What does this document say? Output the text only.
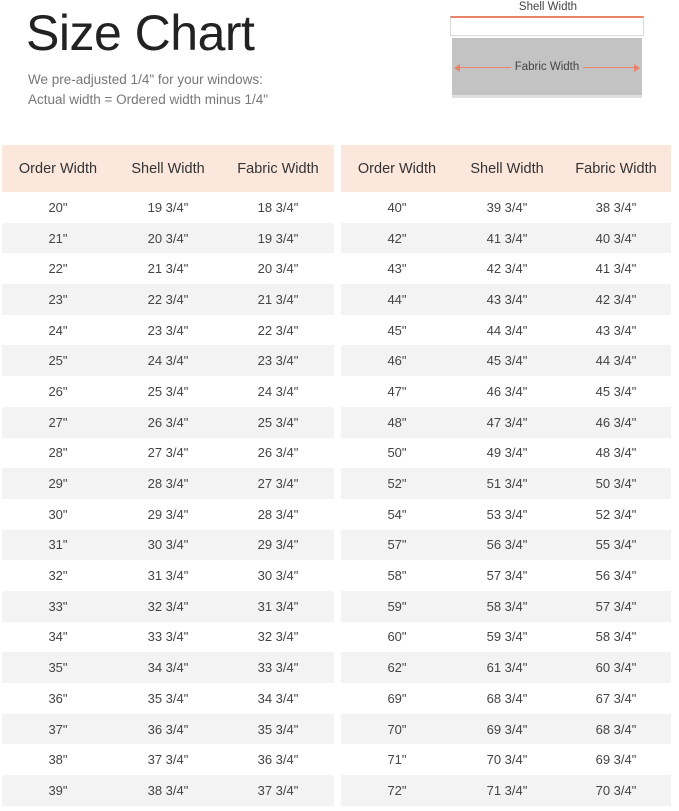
Size Chart
We pre-adjusted 1/4" for your windows:
Actual width = Ordered width minus 1/4"
Shell Width
Fabric Width
Order Width	Shell Width	Fabric Width
20"	19 3/4"	18 3/4"
21"	20 3/4"	19 3/4"
22"	21 3/4"	20 3/4"
23"	22 3/4"	21 3/4"
24"	23 3/4"	22 3/4"
25"	24 3/4"	23 3/4"
26"	25 3/4"	24 3/4"
27"	26 3/4"	25 3/4"
28"	27 3/4"	26 3/4"
29"	28 3/4"	27 3/4"
30"	29 3/4"	28 3/4"
31"	30 3/4"	29 3/4"
32"	31 3/4"	30 3/4"
33"	32 3/4"	31 3/4"
34"	33 3/4"	32 3/4"
35"	34 3/4"	33 3/4"
36"	35 3/4"	34 3/4"
37"	36 3/4"	35 3/4"
38"	37 3/4"	36 3/4"
39"	38 3/4"	37 3/4"
Order Width	Shell Width	Fabric Width
40"	39 3/4"	38 3/4"
42"	41 3/4"	40 3/4"
43"	42 3/4"	41 3/4"
44"	43 3/4"	42 3/4"
45"	44 3/4"	43 3/4"
46"	45 3/4"	44 3/4"
47"	46 3/4"	45 3/4"
48"	47 3/4"	46 3/4"
50"	49 3/4"	48 3/4"
52"	51 3/4"	50 3/4"
54"	53 3/4"	52 3/4"
57"	56 3/4"	55 3/4"
58"	57 3/4"	56 3/4"
59"	58 3/4"	57 3/4"
60"	59 3/4"	58 3/4"
62"	61 3/4"	60 3/4"
69"	68 3/4"	67 3/4"
70"	69 3/4"	68 3/4"
71"	70 3/4"	69 3/4"
72"	71 3/4"	70 3/4"
